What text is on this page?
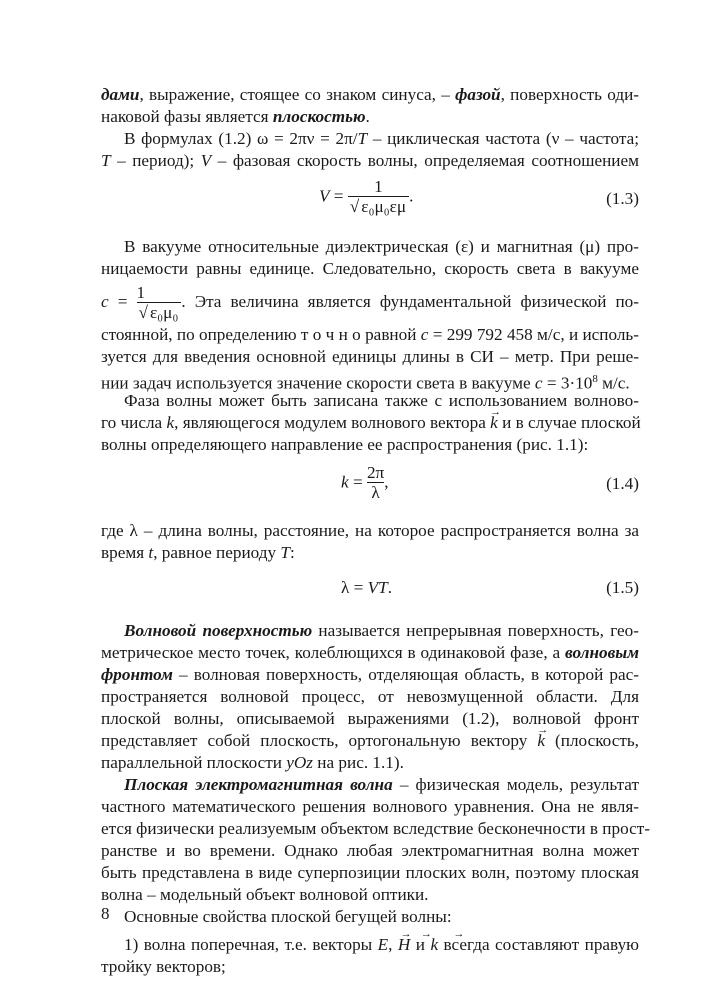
дами, выражение, стоящее со знаком синуса, – фазой, поверхность оди-
наковой фазы является плоскостью.
В формулах (1.2) ω = 2πν = 2π/T – циклическая частота (ν – частота;
T – период); V – фазовая скорость волны, определяемая соотношением
$V = \frac{1}{\text{√ ε₀μ₀εμ}}$ .	(1.3)
В вакууме относительные диэлектрическая (ε) и магнитная (μ) про-
ницаемости равны единице. Следовательно, скорость света в вакууме
$c = \frac{1}{\text{√ ε₀μ₀}}$ . Эта величина является фундаментальной физической по-
стоянной, по определению т о ч н о равной c = 299 792 458 м/с, и исполь-
зуется для введения основной единицы длины в СИ – метр. При реше-
нии задач используется значение скорости света в вакууме $c = 3\cdot 10^8$ м/с.
Фаза волны может быть записана также с использованием волново-
го числа k, являющегося модулем волнового вектора → k и в случае плоской
волны определяющего направление ее распространения (рис. 1.1):
$k = \frac{2\pi}{\lambda}$ ,	(1.4)
где λ – длина волны, расстояние, на которое распространяется волна за
время t, равное периоду T:
λ = VT.	(1.5)
Волновой поверхностью называется непрерывная поверхность, гео-
метрическое место точек, колеблющихся в одинаковой фазе, а волновым
фронтом – волновая поверхность, отделяющая область, в которой рас-
пространяется волновой процесс, от невозмущенной области. Для
плоской волны, описываемой выражениями (1.2), волновой фронт
представляет собой плоскость, ортогональную вектору → k (плоскость,
параллельной плоскости yOz на рис. 1.1).
Плоская электромагнитная волна – физическая модель, результат
частного математического решения волнового уравнения. Она не явля-
ется физически реализуемым объектом вследствие бесконечности в прост-
ранстве и во времени. Однако любая электромагнитная волна может
быть представлена в виде суперпозиции плоских волн, поэтому плоская
волна – модельный объект волновой оптики.
Основные свойства плоской бегущей волны:
1) волна поперечная, т.е. векторы → E, → H и → k всегда составляют правую
тройку векторов;
8
